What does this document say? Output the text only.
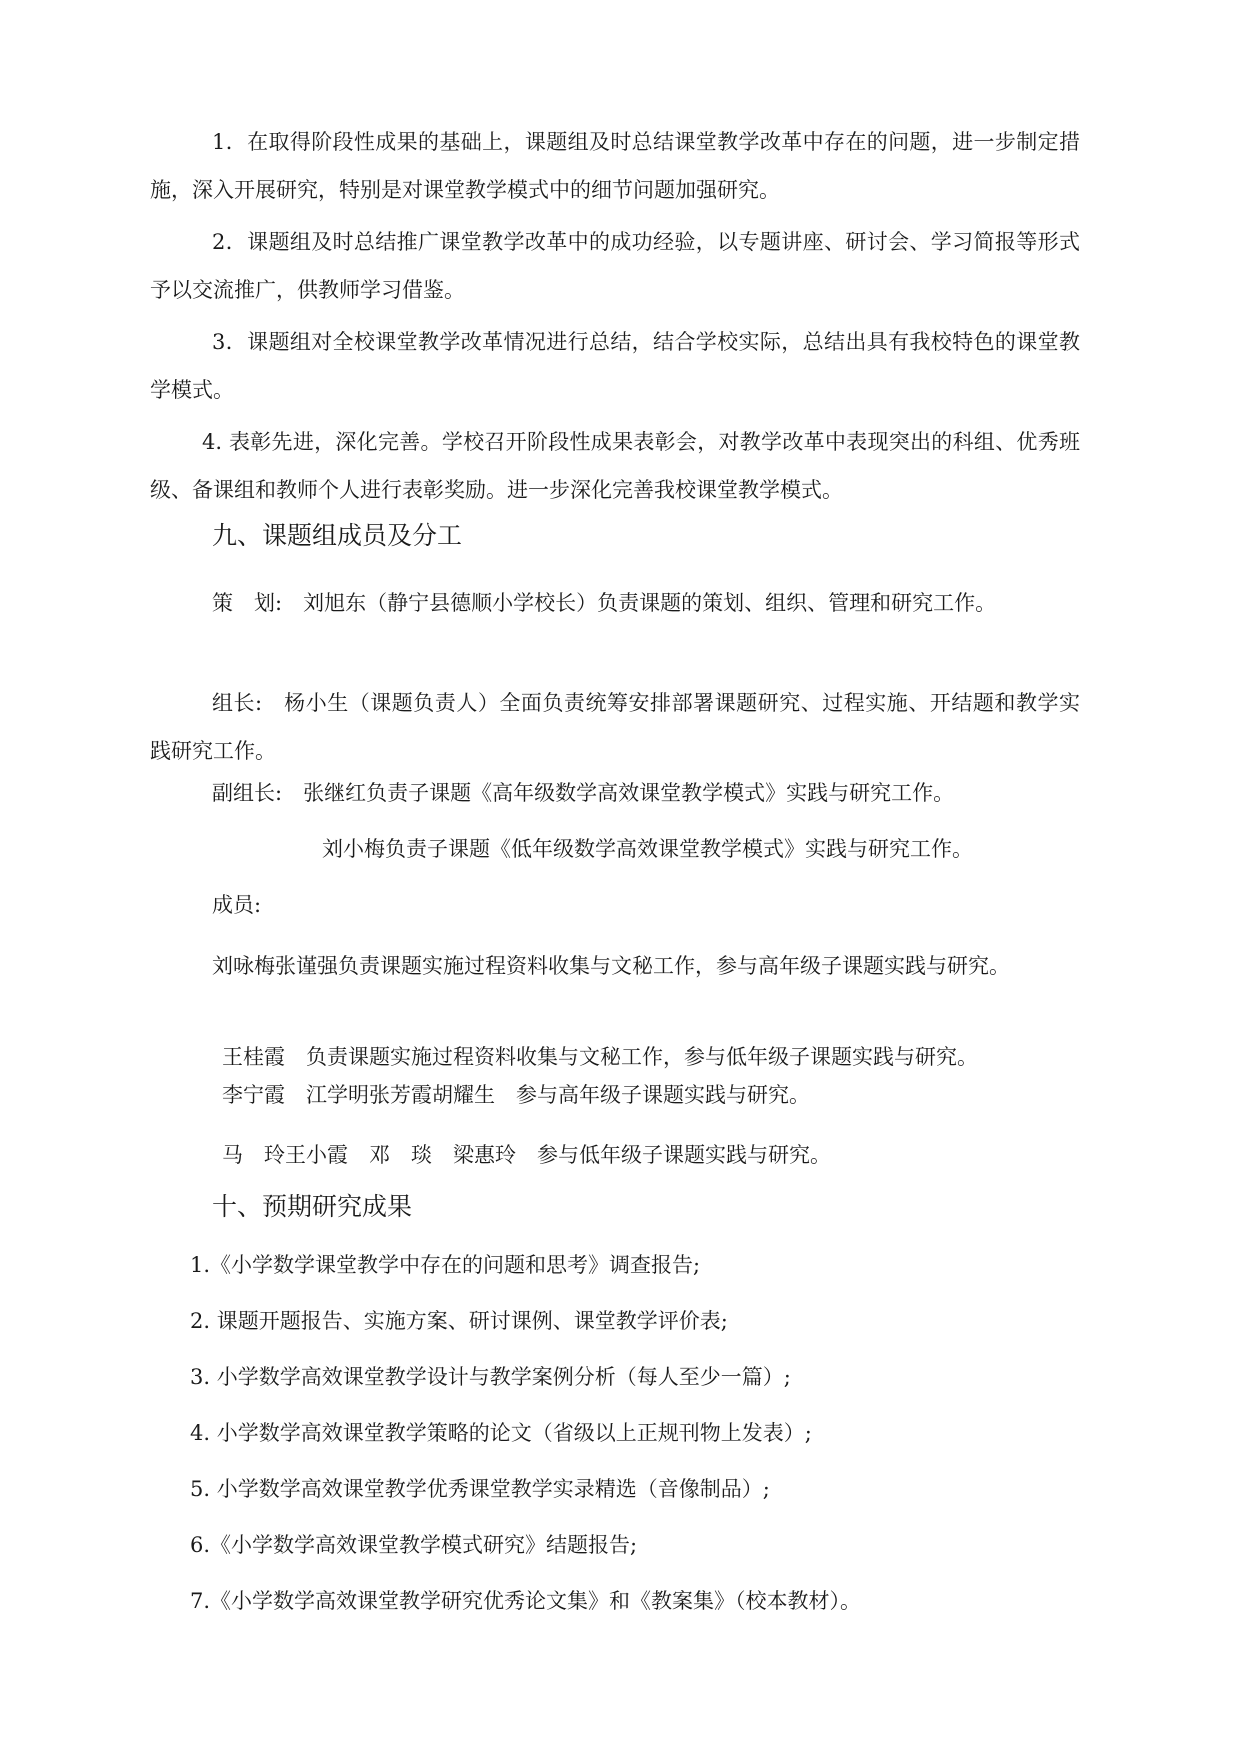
1．在取得阶段性成果的基础上，课题组及时总结课堂教学改革中存在的问题，进一步制定措施，深入开展研究，特别是对课堂教学模式中的细节问题加强研究。

2．课题组及时总结推广课堂教学改革中的成功经验，以专题讲座、研讨会、学习简报等形式予以交流推广，供教师学习借鉴。

3．课题组对全校课堂教学改革情况进行总结，结合学校实际，总结出具有我校特色的课堂教学模式。

4. 表彰先进，深化完善。学校召开阶段性成果表彰会，对教学改革中表现突出的科组、优秀班级、备课组和教师个人进行表彰奖励。进一步深化完善我校课堂教学模式。

九、课题组成员及分工

策　划:　刘旭东（静宁县德顺小学校长）负责课题的策划、组织、管理和研究工作。

组长:　杨小生（课题负责人）全面负责统筹安排部署课题研究、过程实施、开结题和教学实践研究工作。

副组长:　张继红负责子课题《高年级数学高效课堂教学模式》实践与研究工作。
刘小梅负责子课题《低年级数学高效课堂教学模式》实践与研究工作。
成员:

刘咏梅张谨强负责课题实施过程资料收集与文秘工作，参与高年级子课题实践与研究。

王桂霞　负责课题实施过程资料收集与文秘工作，参与低年级子课题实践与研究。
李宁霞　江学明张芳霞胡耀生　参与高年级子课题实践与研究。
马　玲王小霞　邓　琰　梁惠玲　参与低年级子课题实践与研究。
十、预期研究成果
1.《小学数学课堂教学中存在的问题和思考》调查报告;
2. 课题开题报告、实施方案、研讨课例、课堂教学评价表;
3. 小学数学高效课堂教学设计与教学案例分析（每人至少一篇）;
4. 小学数学高效课堂教学策略的论文（省级以上正规刊物上发表）;
5. 小学数学高效课堂教学优秀课堂教学实录精选（音像制品）;
6.《小学数学高效课堂教学模式研究》结题报告;
7.《小学数学高效课堂教学研究优秀论文集》和《教案集》（校本教材）。
